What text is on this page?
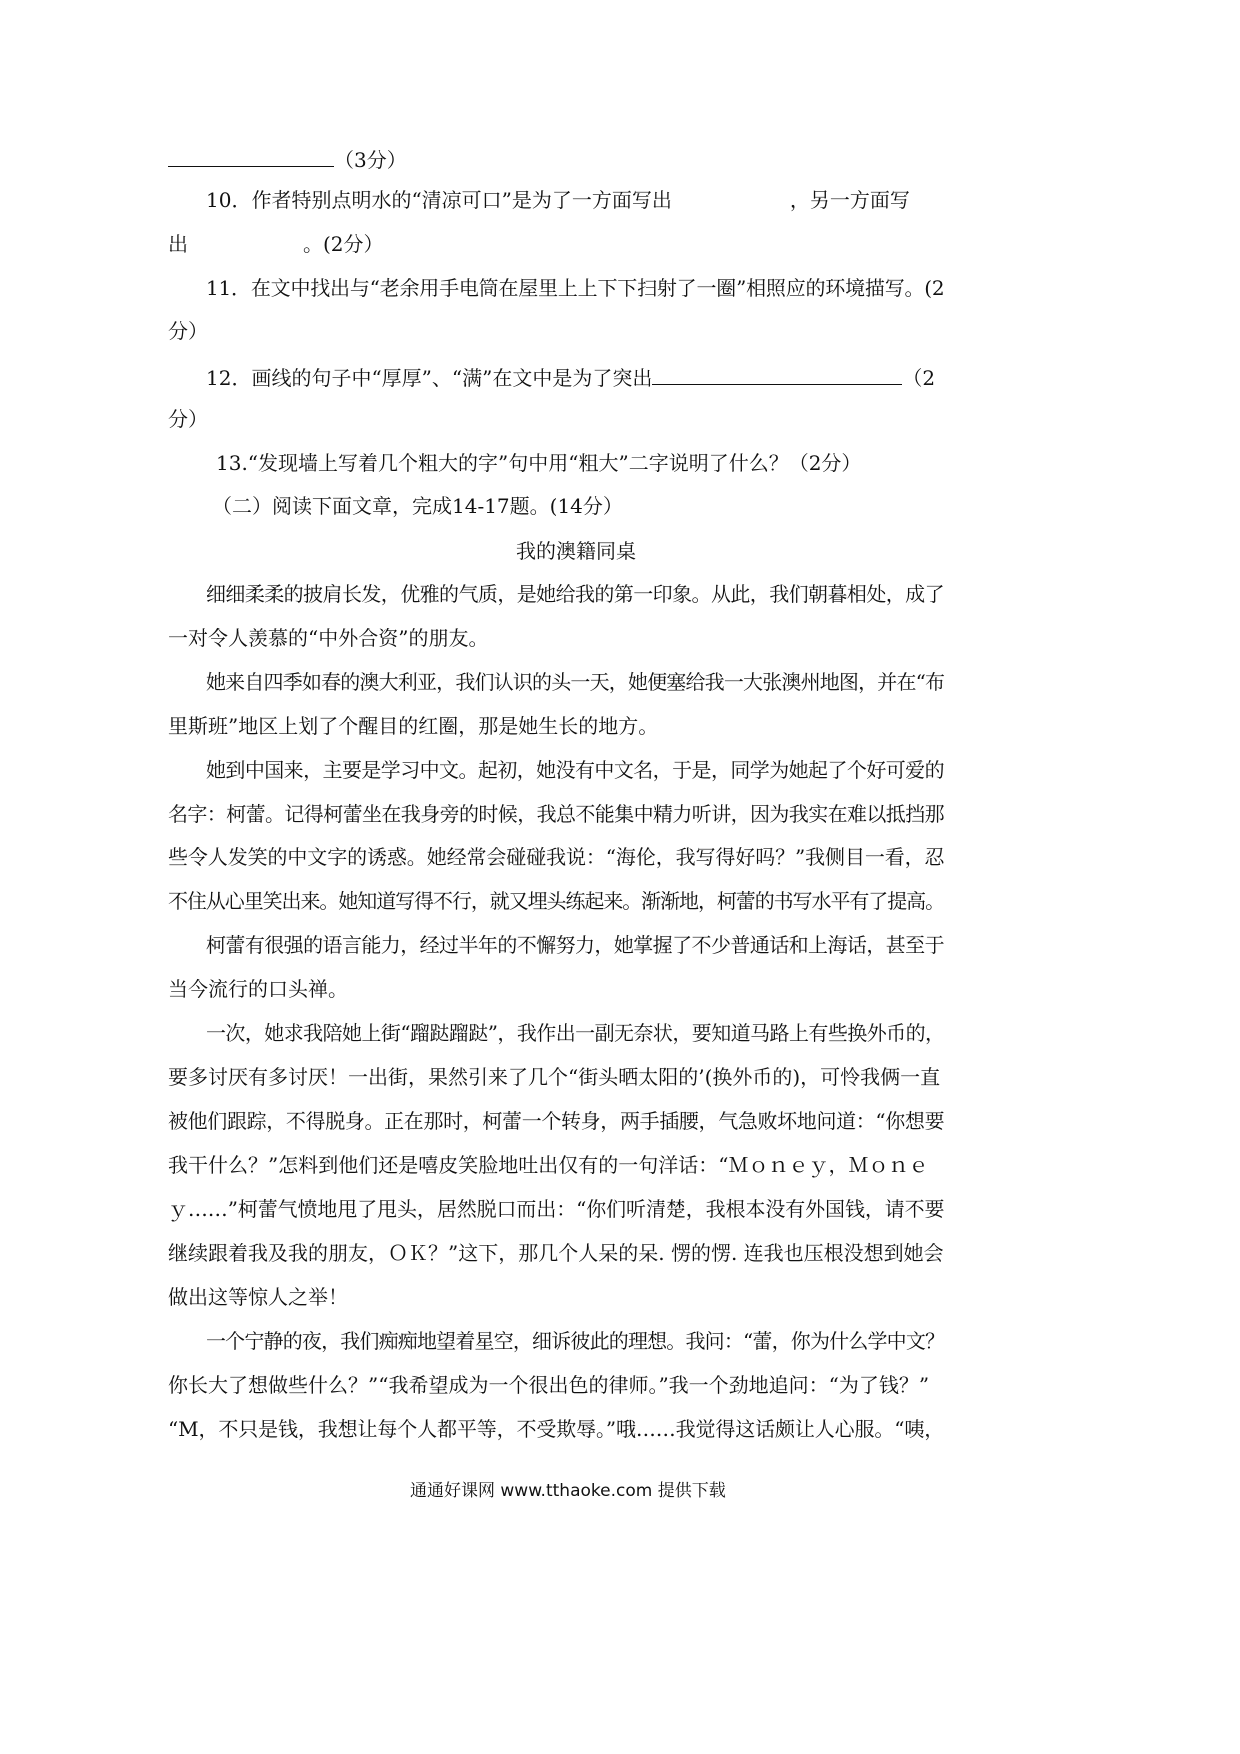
（3分）
10．作者特别点明水的“清凉可口”是为了一方面写出	，另一方面写
出	。(2分）
11．在文中找出与“老余用手电筒在屋里上上下下扫射了一圈”相照应的环境描写。(2
分）
12．画线的句子中“厚厚”、“满”在文中是为了突出	（2
分）
13.“发现墙上写着几个粗大的字”句中用“粗大”二字说明了什么？（2分）
（二）阅读下面文章，完成14-17题。(14分）
我的澳籍同桌
细细柔柔的披肩长发，优雅的气质，是她给我的第一印象。从此，我们朝暮相处，成了
一对令人羡慕的“中外合资”的朋友。
她来自四季如春的澳大利亚，我们认识的头一天，她便塞给我一大张澳州地图，并在“布
里斯班”地区上划了个醒目的红圈，那是她生长的地方。
她到中国来，主要是学习中文。起初，她没有中文名，于是，同学为她起了个好可爱的
名字：柯蕾。记得柯蕾坐在我身旁的时候，我总不能集中精力听讲，因为我实在难以抵挡那
些令人发笑的中文字的诱惑。她经常会碰碰我说：“海伦，我写得好吗？”我侧目一看，忍
不住从心里笑出来。她知道写得不行，就又埋头练起来。渐渐地，柯蕾的书写水平有了提高。
柯蕾有很强的语言能力，经过半年的不懈努力，她掌握了不少普通话和上海话，甚至于
当今流行的口头禅。
一次，她求我陪她上街“蹓跶蹓跶”，我作出一副无奈状，要知道马路上有些换外币的，
要多讨厌有多讨厌！一出街，果然引来了几个“街头晒太阳的’(换外币的)，可怜我俩一直
被他们跟踪，不得脱身。正在那时，柯蕾一个转身，两手插腰，气急败坏地问道：“你想要
我干什么？”怎料到他们还是嘻皮笑脸地吐出仅有的一句洋话：“Ｍｏｎｅｙ，Ｍｏｎｅ
ｙ……”柯蕾气愤地甩了甩头，居然脱口而出：“你们听清楚，我根本没有外国钱，请不要
继续跟着我及我的朋友，ＯＫ？”这下，那几个人呆的呆. 愣的愣. 连我也压根没想到她会
做出这等惊人之举！
一个宁静的夜，我们痴痴地望着星空，细诉彼此的理想。我问：“蕾，你为什么学中文？
你长大了想做些什么？”“我希望成为一个很出色的律师。”我一个劲地追问：“为了钱？”
“M，不只是钱，我想让每个人都平等，不受欺辱。”哦……我觉得这话颇让人心服。“咦，
通通好课网 www.tthaoke.com 提供下载
